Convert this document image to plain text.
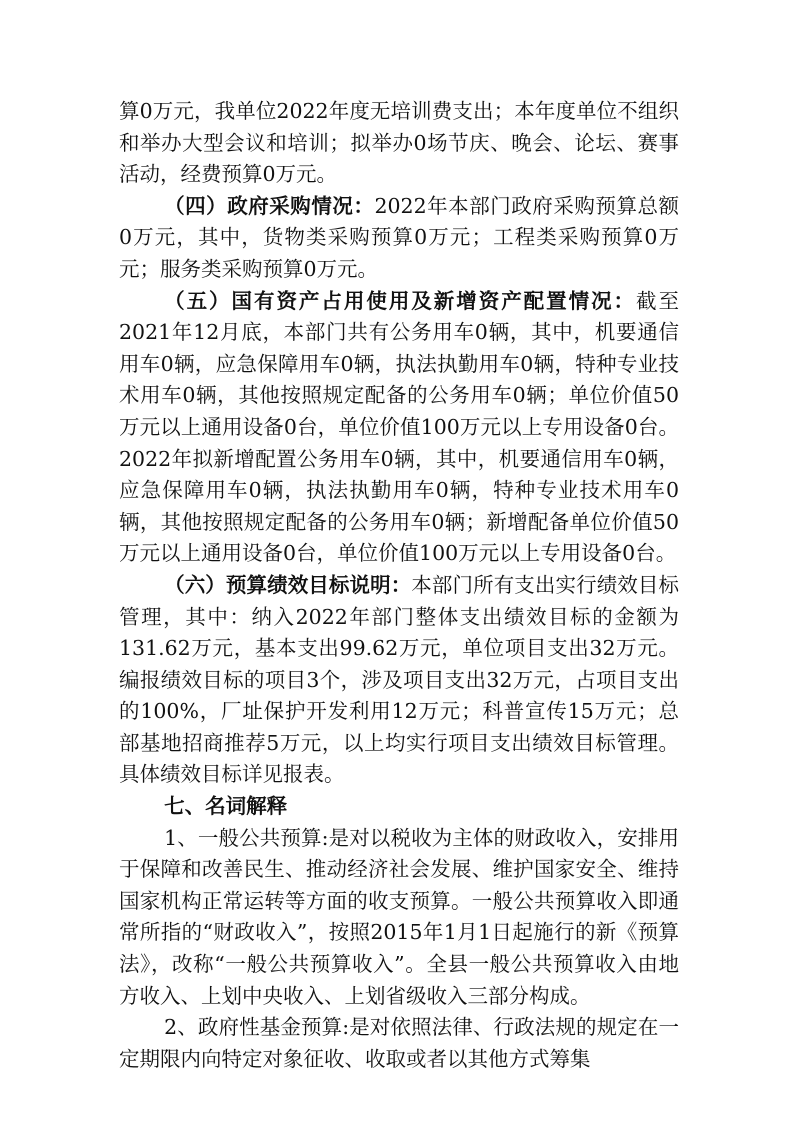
算0万元，我单位2022年度无培训费支出；本年度单位不组织和举办大型会议和培训；拟举办0场节庆、晚会、论坛、赛事活动，经费预算0万元。

（四）政府采购情况：2022年本部门政府采购预算总额0万元，其中，货物类采购预算0万元；工程类采购预算0万元；服务类采购预算0万元。

（五）国有资产占用使用及新增资产配置情况：截至2021年12月底，本部门共有公务用车0辆，其中，机要通信用车0辆，应急保障用车0辆，执法执勤用车0辆，特种专业技术用车0辆，其他按照规定配备的公务用车0辆；单位价值50万元以上通用设备0台，单位价值100万元以上专用设备0台。2022年拟新增配置公务用车0辆，其中，机要通信用车0辆，应急保障用车0辆，执法执勤用车0辆，特种专业技术用车0辆，其他按照规定配备的公务用车0辆；新增配备单位价值50万元以上通用设备0台，单位价值100万元以上专用设备0台。

（六）预算绩效目标说明：本部门所有支出实行绩效目标管理，其中：纳入2022年部门整体支出绩效目标的金额为131.62万元，基本支出99.62万元，单位项目支出32万元。编报绩效目标的项目3个，涉及项目支出32万元，占项目支出的100%，厂址保护开发利用12万元；科普宣传15万元；总部基地招商推荐5万元，以上均实行项目支出绩效目标管理。具体绩效目标详见报表。

七、名词解释

1、一般公共预算:是对以税收为主体的财政收入，安排用于保障和改善民生、推动经济社会发展、维护国家安全、维持国家机构正常运转等方面的收支预算。一般公共预算收入即通常所指的“财政收入”，按照2015年1月1日起施行的新《预算法》，改称“一般公共预算收入”。全县一般公共预算收入由地方收入、上划中央收入、上划省级收入三部分构成。

2、政府性基金预算:是对依照法律、行政法规的规定在一定期限内向特定对象征收、收取或者以其他方式筹集
